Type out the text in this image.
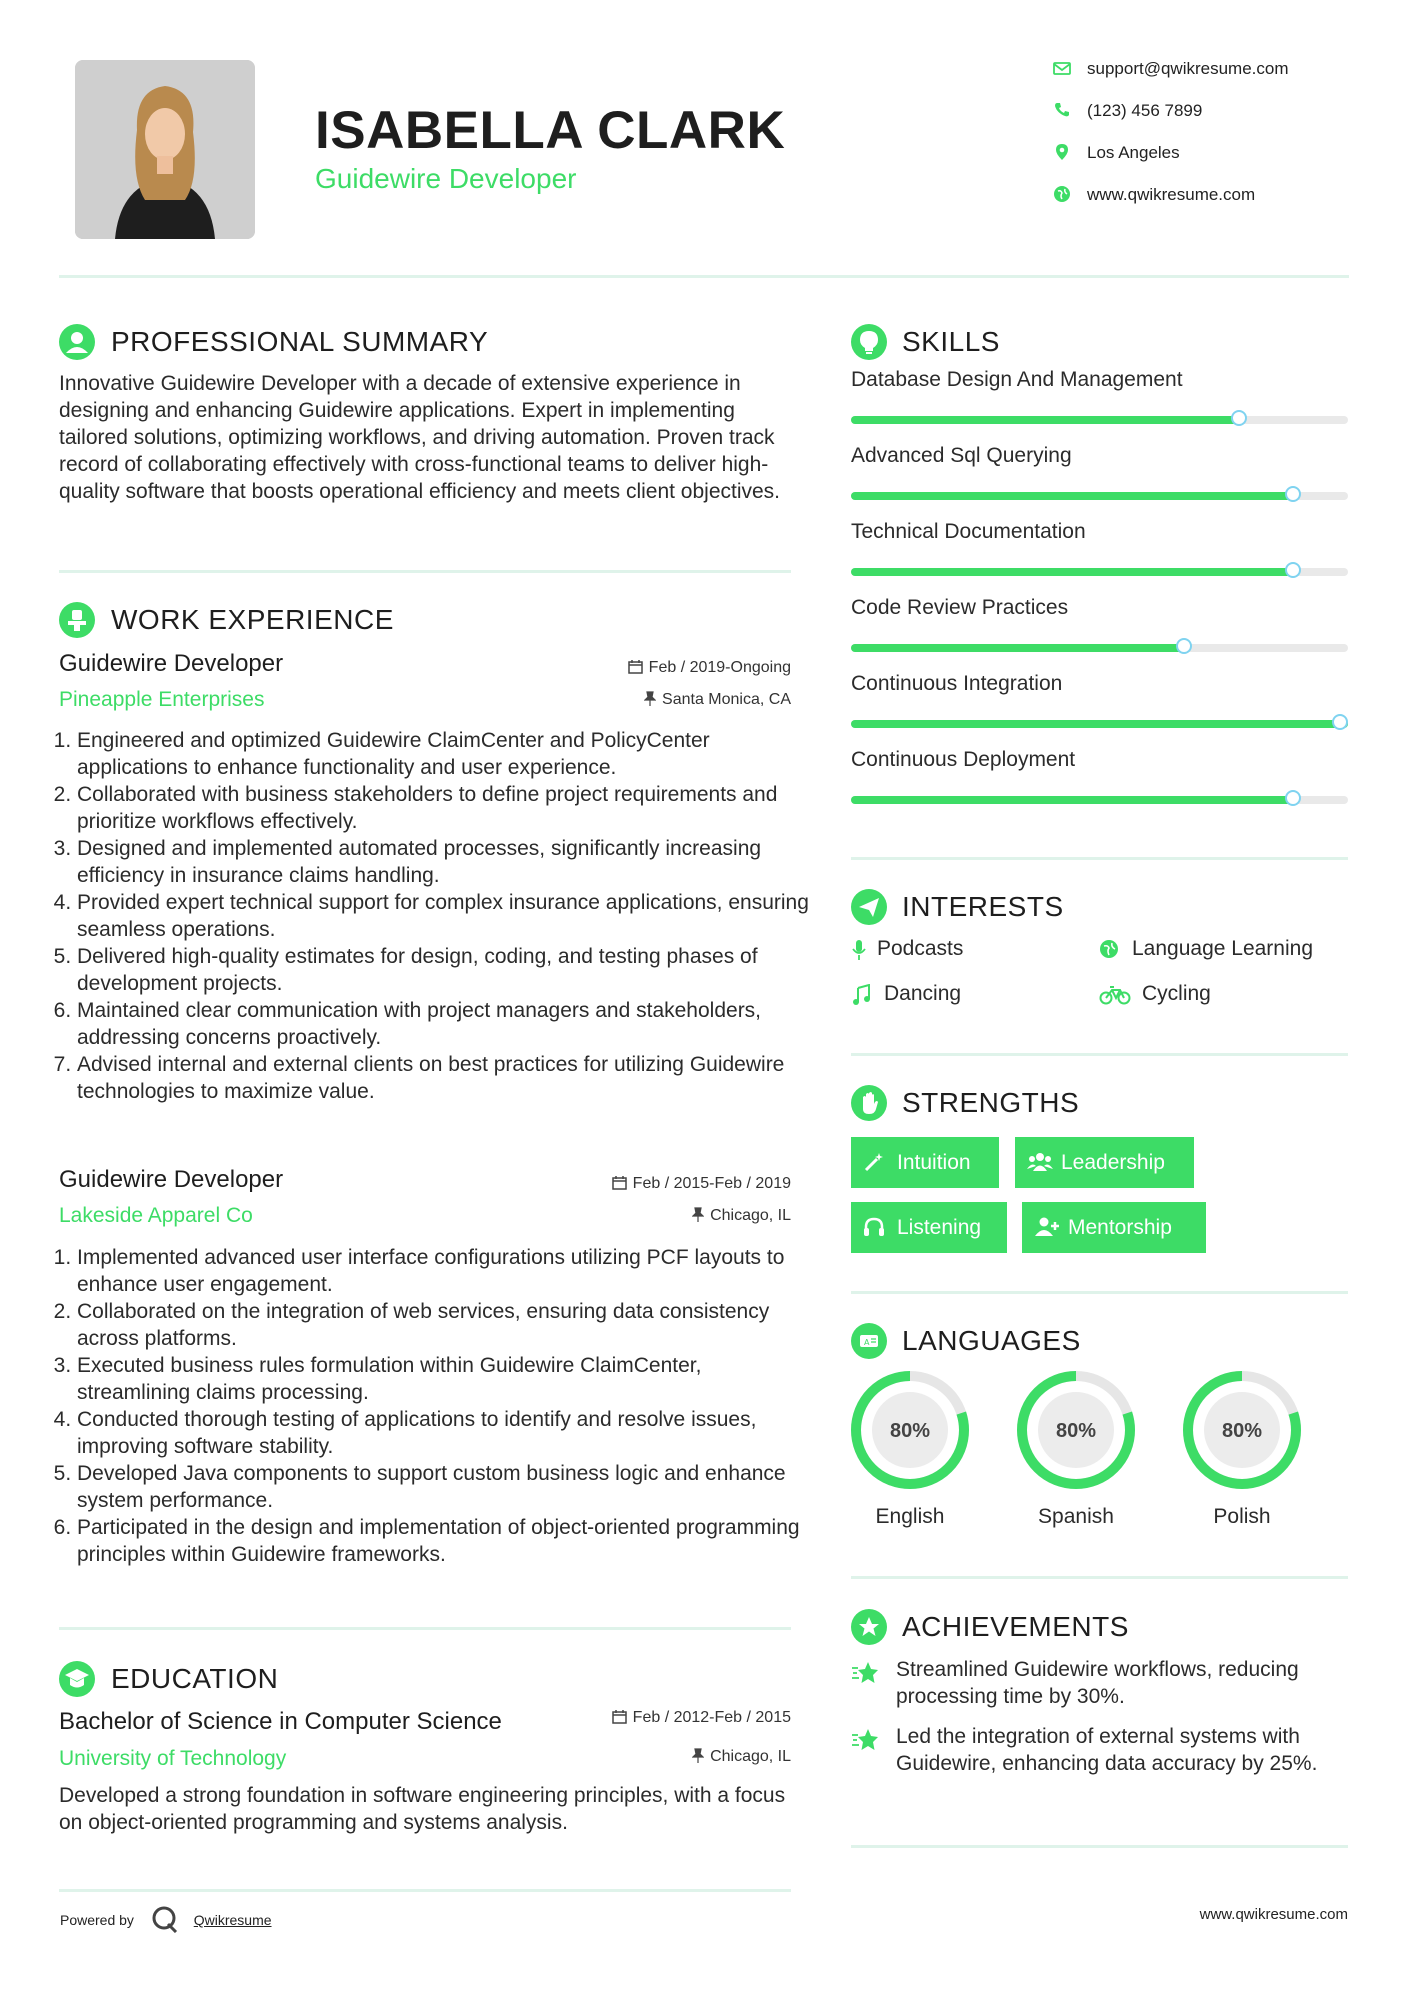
ISABELLA CLARK
Guidewire Developer
support@qwikresume.com
(123) 456 7899
Los Angeles
www.qwikresume.com
PROFESSIONAL SUMMARY
Innovative Guidewire Developer with a decade of extensive experience in designing and enhancing Guidewire applications. Expert in implementing tailored solutions, optimizing workflows, and driving automation. Proven track record of collaborating effectively with cross-functional teams to deliver high-quality software that boosts operational efficiency and meets client objectives.
WORK EXPERIENCE
Guidewire Developer
Pineapple Enterprises
Feb / 2019-Ongoing
Santa Monica, CA
1. Engineered and optimized Guidewire ClaimCenter and PolicyCenter applications to enhance functionality and user experience.
2. Collaborated with business stakeholders to define project requirements and prioritize workflows effectively.
3. Designed and implemented automated processes, significantly increasing efficiency in insurance claims handling.
4. Provided expert technical support for complex insurance applications, ensuring seamless operations.
5. Delivered high-quality estimates for design, coding, and testing phases of development projects.
6. Maintained clear communication with project managers and stakeholders, addressing concerns proactively.
7. Advised internal and external clients on best practices for utilizing Guidewire technologies to maximize value.
Guidewire Developer
Lakeside Apparel Co
Feb / 2015-Feb / 2019
Chicago, IL
1. Implemented advanced user interface configurations utilizing PCF layouts to enhance user engagement.
2. Collaborated on the integration of web services, ensuring data consistency across platforms.
3. Executed business rules formulation within Guidewire ClaimCenter, streamlining claims processing.
4. Conducted thorough testing of applications to identify and resolve issues, improving software stability.
5. Developed Java components to support custom business logic and enhance system performance.
6. Participated in the design and implementation of object-oriented programming principles within Guidewire frameworks.
EDUCATION
Bachelor of Science in Computer Science
University of Technology
Feb / 2012-Feb / 2015
Chicago, IL
Developed a strong foundation in software engineering principles, with a focus on object-oriented programming and systems analysis.
SKILLS
Database Design And Management
Advanced Sql Querying
Technical Documentation
Code Review Practices
Continuous Integration
Continuous Deployment
INTERESTS
Podcasts	Language Learning
Dancing	Cycling
STRENGTHS
Intuition	Leadership
Listening	Mentorship
A LANGUAGES
80%
English
80%
Spanish
80%
Polish
ACHIEVEMENTS
Streamlined Guidewire workflows, reducing processing time by 30%.
Led the integration of external systems with Guidewire, enhancing data accuracy by 25%.
Powered by	Qwikresume	www.qwikresume.com
